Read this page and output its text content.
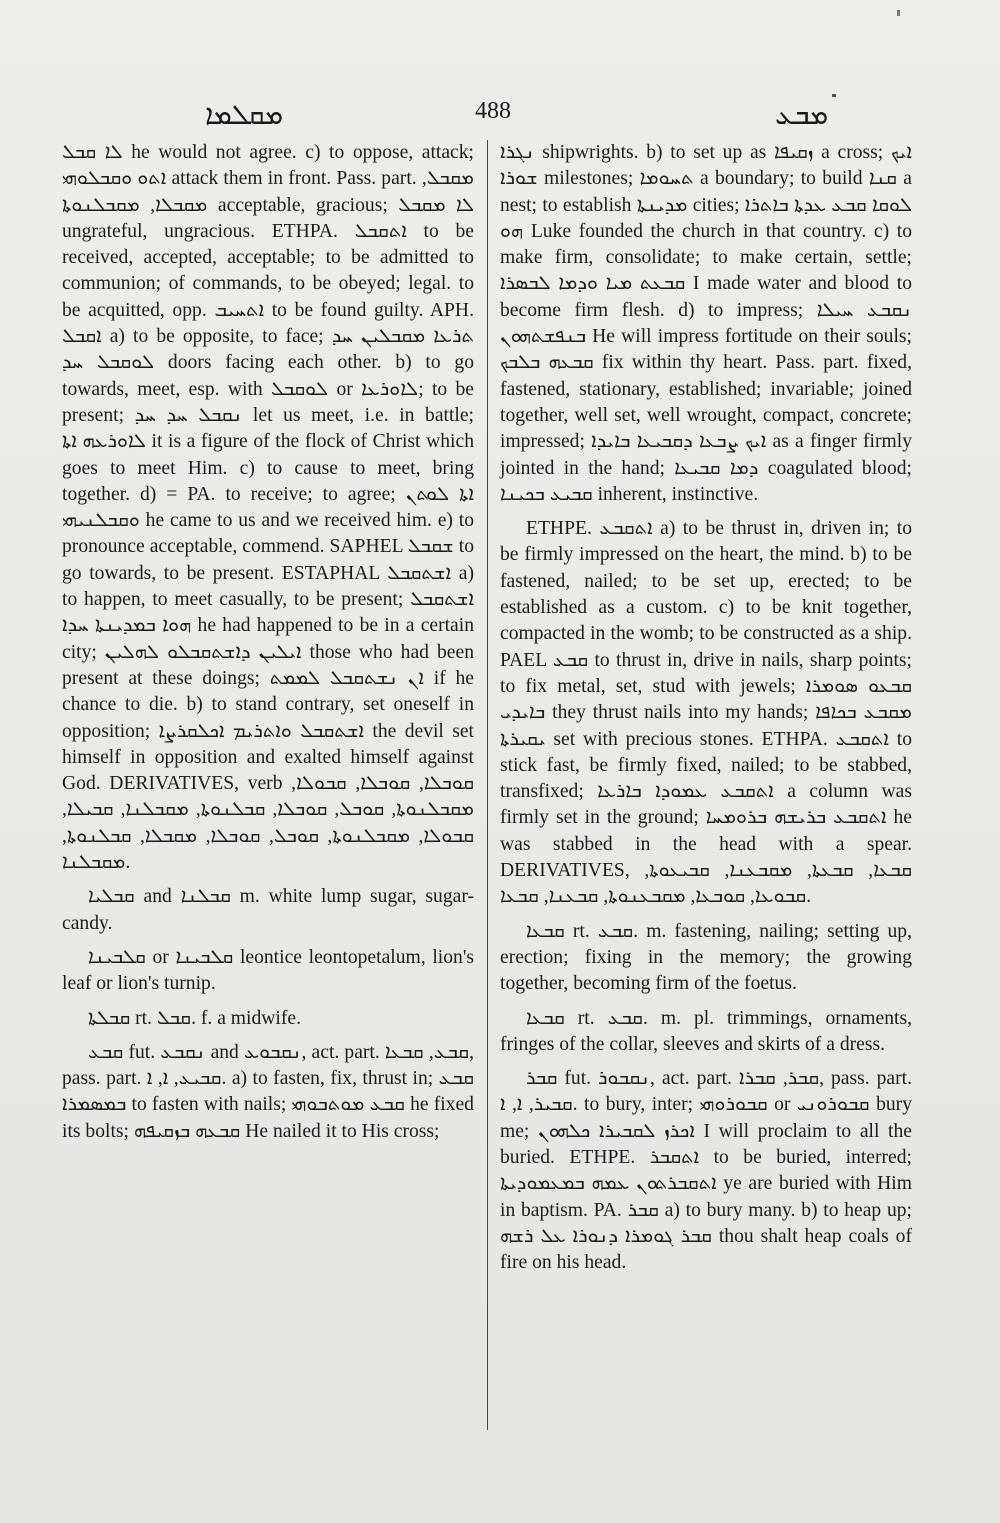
ܡܩܠܡܐ	488	ܡܒܥ

ܠܐ ܩܒܠ he would not agree. c) to oppose, attack; ܐܬܘ ܘܩܒܠܘܗܝ attack them in front. Pass. part. ܡܩܒܠ, ܡܩܒܠܐ, ܡܩܒܠܢܘܬܐ acceptable, gracious; ܠܐ ܡܩܒܠ ungrateful, ungracious. ETHPA. ܐܬܩܒܠ to be received, accepted, acceptable; to be admitted to communion; of commands, to be obeyed; legal. to be acquitted, opp. ܐܬܚܝܒ to be found guilty. APH. ܐܩܒܠ a) to be opposite, to face; ܬܪܥܐ ܡܩܒܠܝܢ ܚܕ ܠܘܩܒܠ ܚܕ doors facing each other. b) to go towards, meet, esp. with ܠܘܩܒܠ or ܠܐܘܪܥܐ; to be present; ܢܩܒܠ ܚܕ ܚܕ let us meet, i.e. in battle; ܠܐܘܪܥܗ ܐܬܐ it is a figure of the flock of Christ which goes to meet Him. c) to cause to meet, bring together. d) = PA. to receive; to agree; ܐܬܐ ܠܘܬܢ ܘܩܒܠܢܝܗܝ he came to us and we received him. e) to pronounce acceptable, commend. SAPHEL ܫܩܒܠ to go towards, to be present. ESTAPHAL ܐܫܬܩܒܠ a) to happen, to meet casually, to be present; ܐܫܬܩܒܠ ܗܘܐ ܒܡܕܝܢܬܐ ܚܕܐ he had happened to be in a certain city; ܐܝܠܝܢ ܕܐܫܬܩܒܠܘ ܠܗܠܝܢ those who had been present at these doings; ܐܢ ܢܫܬܩܒܠ ܠܡܡܬ if he chance to die. b) to stand contrary, set oneself in opposition; ܐܫܬܩܒܠ ܘܐܬܪܝܡ ܐܟܠܩܪܨܐ the devil set himself in opposition and exalted himself against God. DERIVATIVES, verb ܩܘܒܠܐ, ܩܘܒܠܐ, ܩܒܘܠܐ, ܡܩܒܠܢܘܬܐ, ܩܘܒܠ, ܩܘܒܠܐ, ܩܒܠܢܘܬܐ, ܡܩܒܠܢܐ, ܩܒܝܠܐ, ܩܒܘܠܐ, ܡܩܒܠܢܘܬܐ, ܩܘܒܠ, ܩܘܒܠܐ, ܡܩܒܠܐ, ܩܒܠܢܘܬܐ, ܡܩܒܠܢܐ.

ܩܒܠܝܐ and ܩܒܠܢܐ m. white lump sugar, sugar-candy.

ܩܠܒܝܢܐ or ܩܠܒܝܢܐ leontice leontopetalum, lion's leaf or lion's turnip.

ܩܒܠܬܐ rt. ܩܒܠ. f. a midwife.

ܩܒܥ fut. ܢܩܒܥ and ܢܩܒܘܥ, act. part. ܩܒܥ, ܩܒܥܐ, pass. part. ܩܒܝܥ, ܐ, ܐ. a) to fasten, fix, thrust in; ܩܒܥ ܒܡܣܡܪܐ to fasten with nails; ܩܒܥ ܡܘܬܒܘܗܝ he fixed its bolts; ܩܒܥܗ ܒܙܩܝܦܗ He nailed it to His cross;

ܢܓܪܐ shipwrights. b) to set up as ܙܩܝܦܐ a cross; ܐܝܟ ܫܘܪܐ milestones; ܬܚܘܡܐ a boundary; to build ܩܢܐ a nest; to establish ܡܕܝܢܬܐ cities; ܠܘܩܐ ܩܒܥ ܥܕܬܐ ܒܐܬܪܐ ܗܘ Luke founded the church in that country. c) to make firm, consolidate; to make certain, settle; ܩܒܥܬ ܡܝܐ ܘܕܡܐ ܠܒܣܪܐ I made water and blood to become firm flesh. d) to impress; ܢܩܒܥ ܚܝܠܐ ܒܢܦܫܬܗܘܢ He will impress fortitude on their souls; ܩܒܥܗ ܒܠܒܟ fix within thy heart. Pass. part. fixed, fastened, stationary, established; invariable; joined together, well set, well wrought, compact, concrete; impressed; ܐܝܟ ܨܒܥܐ ܕܩܒܝܥܐ ܒܐܝܕܐ as a finger firmly jointed in the hand; ܕܡܐ ܩܒܝܥܐ coagulated blood; ܩܒܝܥ ܒܟܝܢܐ inherent, instinctive.

ETHPE. ܐܬܩܒܥ a) to be thrust in, driven in; to be firmly impressed on the heart, the mind. b) to be fastened, nailed; to be set up, erected; to be established as a custom. c) to be knit together, compacted in the womb; to be constructed as a ship. PAEL ܩܒܥ to thrust in, drive in nails, sharp points; to fix metal, set, stud with jewels; ܩܒܥܘ ܣܘܡܪܐ ܒܐܝܕܝ they thrust nails into my hands; ܡܩܒܥ ܒܟܐܦܐ ܝܩܝܪܬܐ set with precious stones. ETHPA. ܐܬܩܒܥ to stick fast, be firmly fixed, nailed; to be stabbed, transfixed; ܐܬܩܒܥ ܥܡܘܕܐ ܒܐܪܥܐ a column was firmly set in the ground; ܐܬܩܒܥ ܒܪܝܫܗ ܒܪܘܡܚܐ he was stabbed in the head with a spear. DERIVATIVES, ܩܒܥܐ, ܩܒܥܬܐ, ܡܩܒܥܢܐ, ܩܒܝܥܘܬܐ, ܩܒܘܥܐ, ܩܘܒܥܐ, ܡܩܒܥܢܘܬܐ, ܩܒܥܢܐ, ܩܒܥܐ.

ܩܒܥܐ rt. ܩܒܥ. m. fastening, nailing; setting up, erection; fixing in the memory; the growing together, becoming firm of the foetus.

ܩܒܥܐ rt. ܩܒܥ. m. pl. trimmings, ornaments, fringes of the collar, sleeves and skirts of a dress.

ܩܒܪ fut. ܢܩܒܘܪ, act. part. ܩܒܪ, ܩܒܪܐ, pass. part. ܩܒܝܪ, ܐ, ܐ. to bury, inter; ܩܒܘܪܘܗܝ or ܩܒܘܪܘܢܝ bury me; ܐܟܪܙ ܠܩܒܝܪܐ ܟܠܗܘܢ I will proclaim to all the buried. ETHPE. ܐܬܩܒܪ to be buried, interred; ܐܬܩܒܪܬܘܢ ܥܡܗ ܒܡܥܡܘܕܝܬܐ ye are buried with Him in baptism. PA. ܩܒܪ a) to bury many. b) to heap up; ܩܒܪ ܓܘܡܪܐ ܕܢܘܪܐ ܥܠ ܪܫܗ thou shalt heap coals of fire on his head.
